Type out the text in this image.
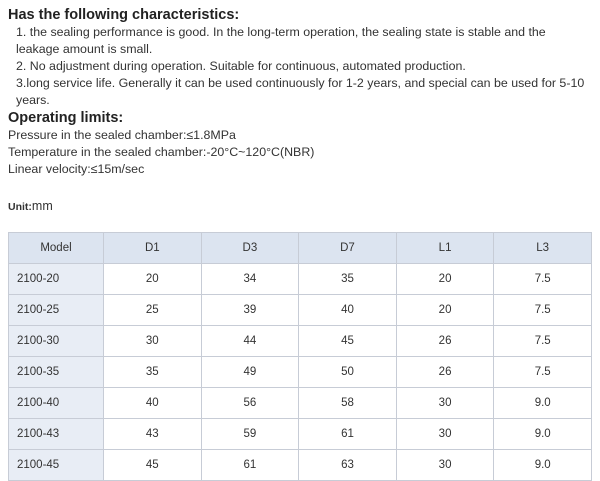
Has the following characteristics:
1. the sealing performance is good. In the long-term operation, the sealing state is stable and the leakage amount is small.
2. No adjustment during operation. Suitable for continuous, automated production.
3.long service life. Generally it can be used continuously for 1-2 years, and special can be used for 5-10 years.
Operating limits:
Pressure in the sealed chamber:≤1.8MPa
Temperature in the sealed chamber:-20°C~120°C(NBR)
Linear velocity:≤15m/sec
Unit:mm
Model	D1	D3	D7	L1	L3
2100-20	20	34	35	20	7.5
2100-25	25	39	40	20	7.5
2100-30	30	44	45	26	7.5
2100-35	35	49	50	26	7.5
2100-40	40	56	58	30	9.0
2100-43	43	59	61	30	9.0
2100-45	45	61	63	30	9.0
